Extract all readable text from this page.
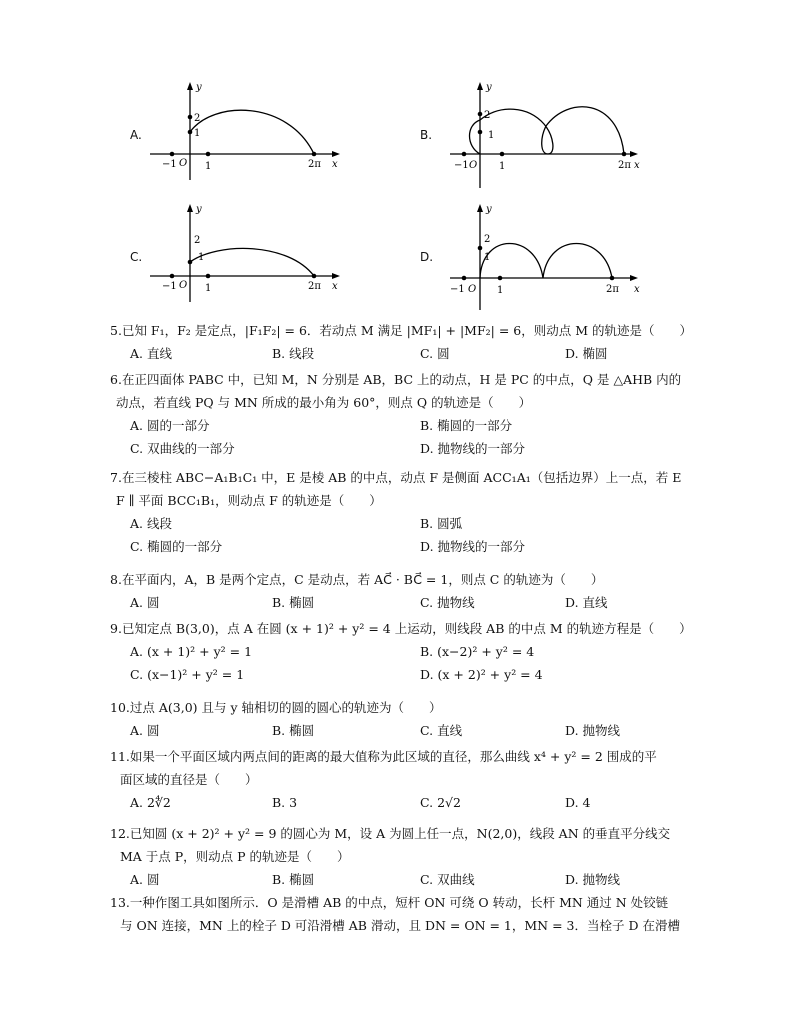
A.
y
2
1
−1 O 1	2π x
B.
y
2
1
−1 O 1	2π x
C.
y
2
1
−1 O 1	2π x
D.
y
2
1
−1 O 1	2π x
5.已知 F₁，F₂ 是定点，|F₁F₂| = 6．若动点 M 满足 |MF₁| + |MF₂| = 6，则动点 M 的轨迹是（　　）
A. 直线	B. 线段	C. 圆	D. 椭圆
6.在正四面体 PABC 中，已知 M，N 分别是 AB，BC 上的动点，H 是 PC 的中点，Q 是 △AHB 内的
动点，若直线 PQ 与 MN 所成的最小角为 60°，则点 Q 的轨迹是（　　）
A. 圆的一部分	B. 椭圆的一部分
C. 双曲线的一部分	D. 抛物线的一部分
7.在三棱柱 ABC−A₁B₁C₁ 中，E 是棱 AB 的中点，动点 F 是侧面 ACC₁A₁（包括边界）上一点，若 E
F ∥ 平面 BCC₁B₁，则动点 F 的轨迹是（　　）
A. 线段	B. 圆弧
C. 椭圆的一部分	D. 抛物线的一部分
8.在平面内，A，B 是两个定点，C 是动点，若 AC⃗ · BC⃗ = 1，则点 C 的轨迹为（　　）
A. 圆	B. 椭圆	C. 抛物线	D. 直线
9.已知定点 B(3,0)，点 A 在圆 (x + 1)² + y² = 4 上运动，则线段 AB 的中点 M 的轨迹方程是（　　）
A. (x + 1)² + y² = 1	B. (x−2)² + y² = 4
C. (x−1)² + y² = 1	D. (x + 2)² + y² = 4
10.过点 A(3,0) 且与 y 轴相切的圆的圆心的轨迹为（　　）
A. 圆	B. 椭圆	C. 直线	D. 抛物线
11.如果一个平面区域内两点间的距离的最大值称为此区域的直径，那么曲线 x⁴ + y² = 2 围成的平
面区域的直径是（　　）
A. 2∜2	B. 3	C. 2√2	D. 4
12.已知圆 (x + 2)² + y² = 9 的圆心为 M，设 A 为圆上任一点，N(2,0)，线段 AN 的垂直平分线交
MA 于点 P，则动点 P 的轨迹是（　　）
A. 圆	B. 椭圆	C. 双曲线	D. 抛物线
13.一种作图工具如图所示．O 是滑槽 AB 的中点，短杆 ON 可绕 O 转动，长杆 MN 通过 N 处铰链
与 ON 连接，MN 上的栓子 D 可沿滑槽 AB 滑动，且 DN = ON = 1，MN = 3．当栓子 D 在滑槽
